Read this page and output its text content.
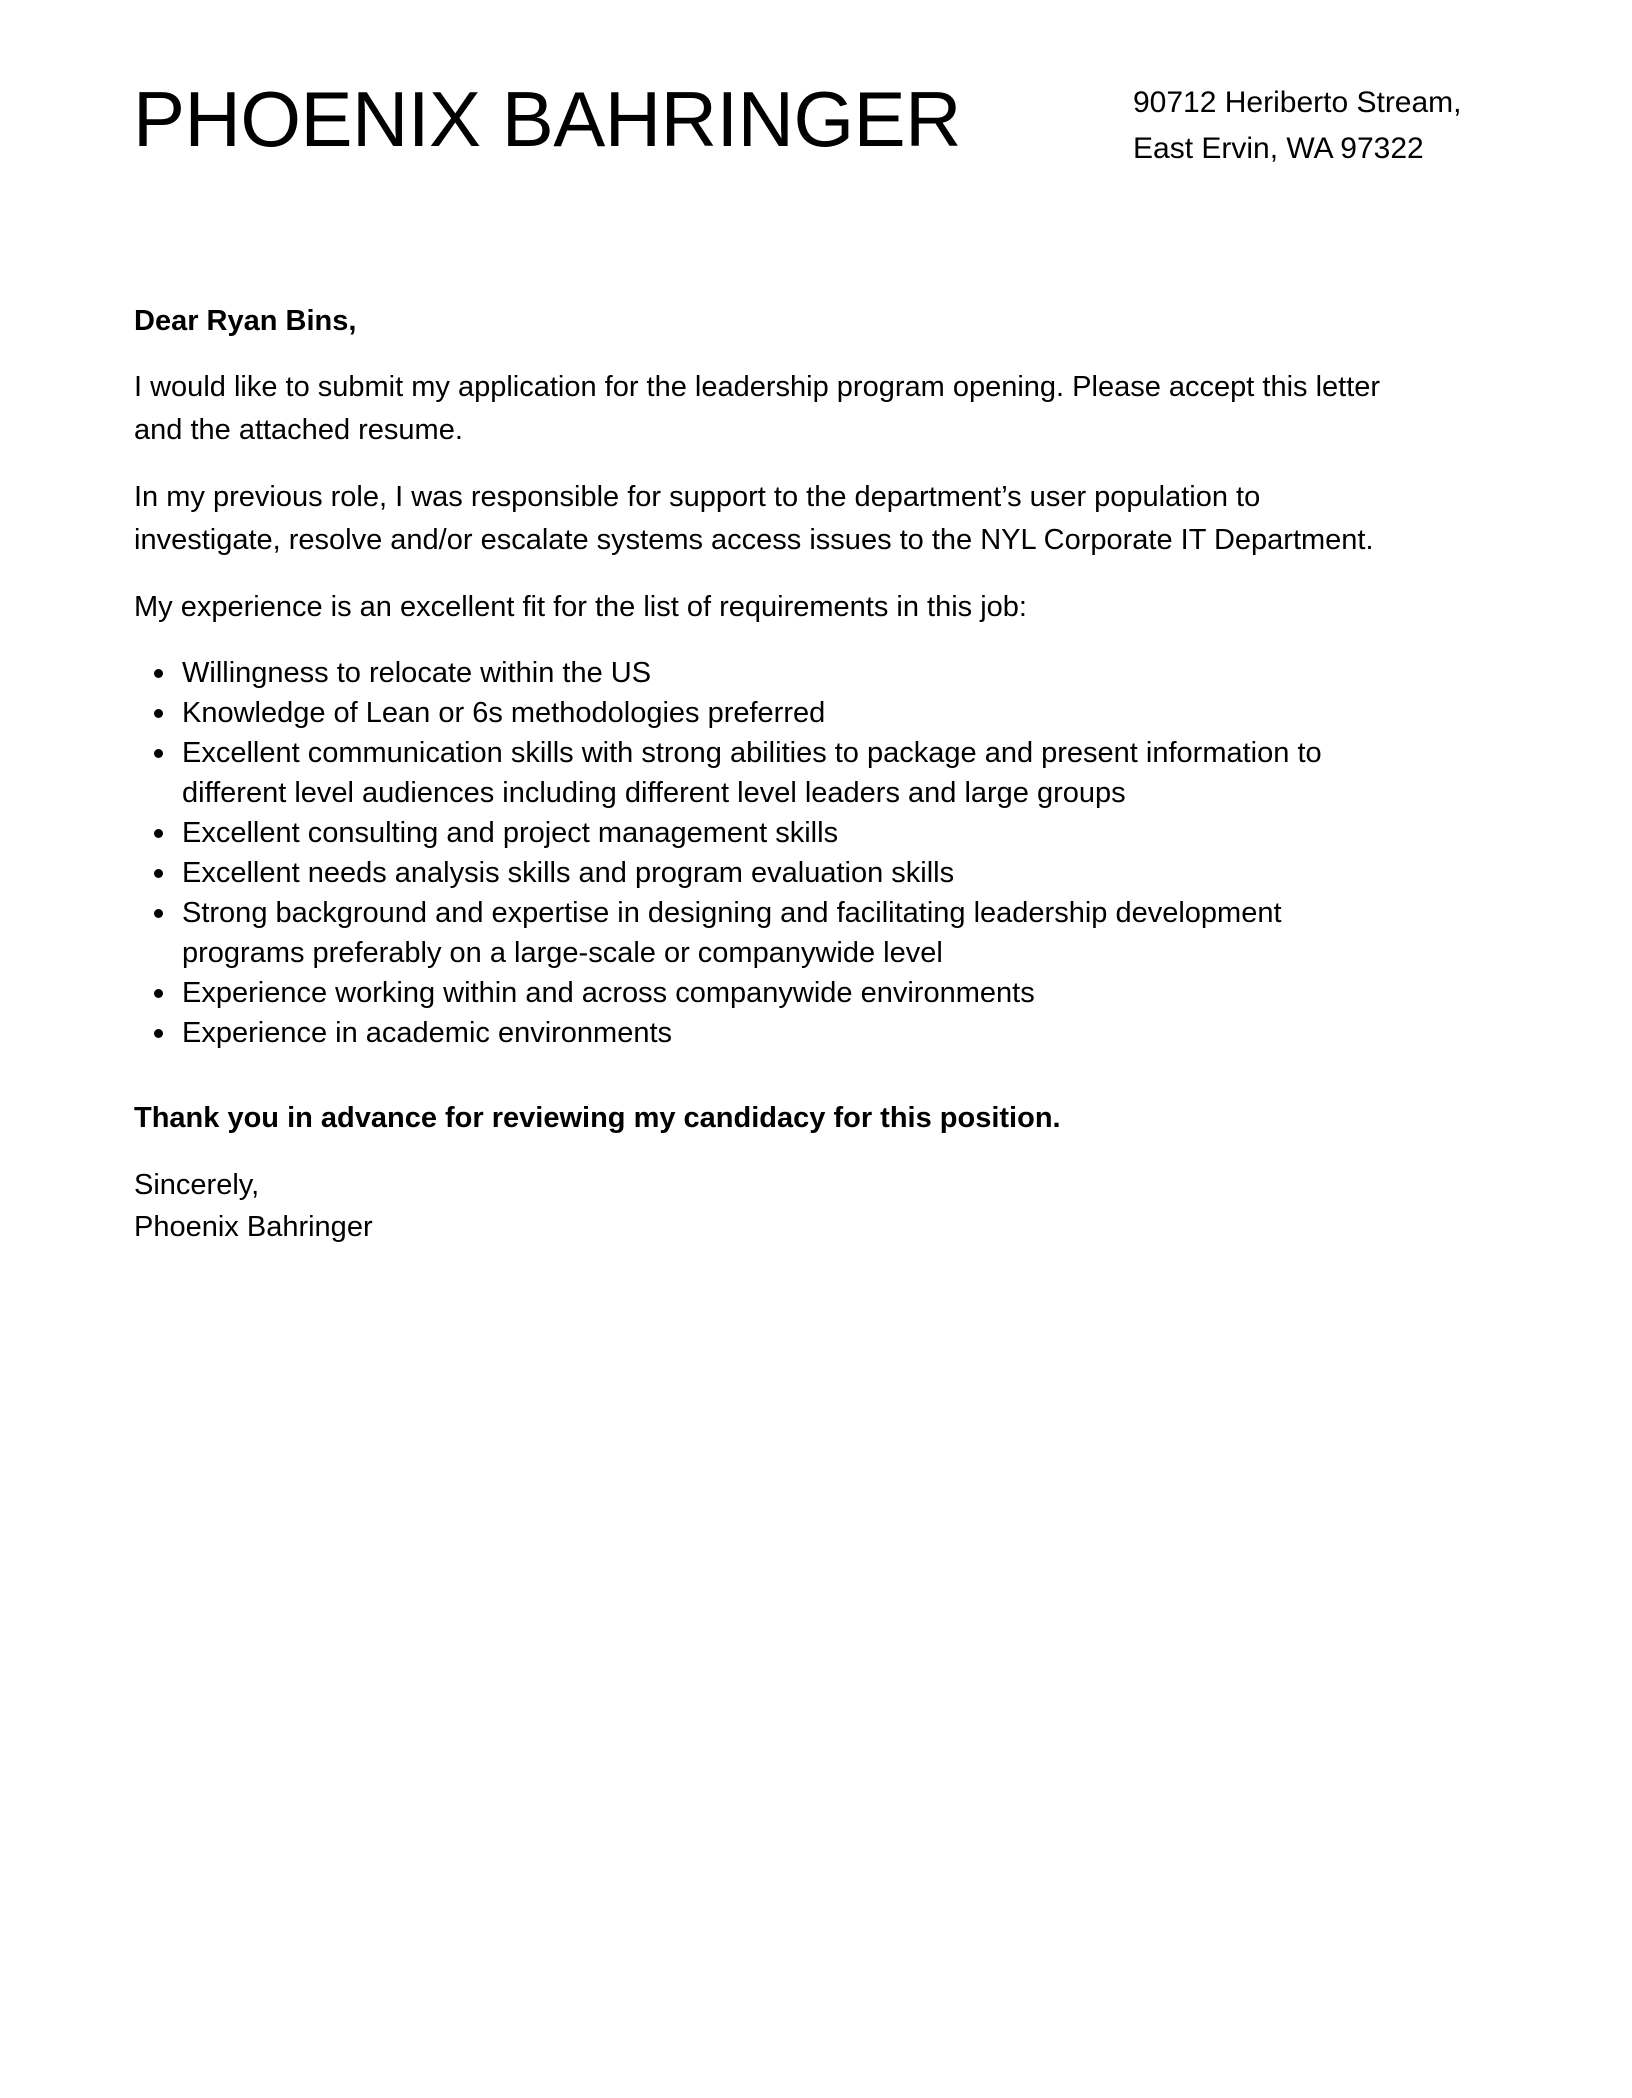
PHOENIX BAHRINGER	90712 Heriberto Stream,
East Ervin, WA 97322
Dear Ryan Bins,
I would like to submit my application for the leadership program opening. Please accept this letter
and the attached resume.
In my previous role, I was responsible for support to the department’s user population to
investigate, resolve and/or escalate systems access issues to the NYL Corporate IT Department.
My experience is an excellent fit for the list of requirements in this job:
Willingness to relocate within the US
Knowledge of Lean or 6s methodologies preferred
Excellent communication skills with strong abilities to package and present information to
different level audiences including different level leaders and large groups
Excellent consulting and project management skills
Excellent needs analysis skills and program evaluation skills
Strong background and expertise in designing and facilitating leadership development
programs preferably on a large-scale or companywide level
Experience working within and across companywide environments
Experience in academic environments
Thank you in advance for reviewing my candidacy for this position.
Sincerely,
Phoenix Bahringer
